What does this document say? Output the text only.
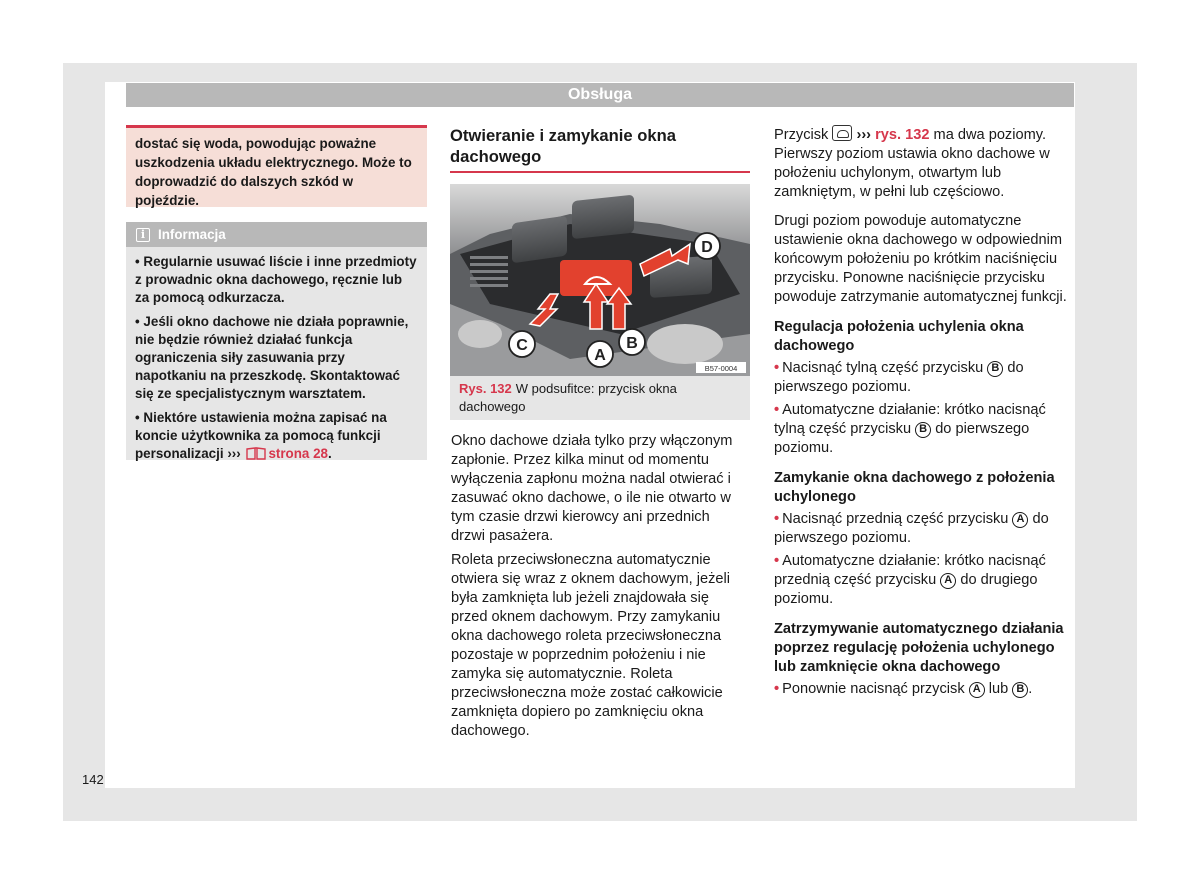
Obsługa
dostać się woda, powodując poważne uszkodzenia układu elektrycznego. Może to doprowadzić do dalszych szkód w pojeździe.
i Informacja

• Regularnie usuwać liście i inne przedmioty z prowadnic okna dachowego, ręcznie lub za pomocą odkurzacza.

• Jeśli okno dachowe nie działa poprawnie, nie będzie również działać funkcja ograniczenia siły zasuwania przy napotkaniu na przeszkodę. Skontaktować się ze specjalistycznym warsztatem.

• Niektóre ustawienia można zapisać na koncie użytkownika za pomocą funkcji personalizacji ››› strona 28.

Otwieranie i zamykanie okna dachowego
A
B
C
D
B57-0004
Rys. 132 W podsufitce: przycisk okna dachowego
Okno dachowe działa tylko przy włączonym zapłonie. Przez kilka minut od momentu wyłączenia zapłonu można nadal otwierać i zasuwać okno dachowe, o ile nie otwarto w tym czasie drzwi kierowcy ani przednich drzwi pasażera.
Roleta przeciwsłoneczna automatycznie otwiera się wraz z oknem dachowym, jeżeli była zamknięta lub jeżeli znajdowała się przed oknem dachowym. Przy zamykaniu okna dachowego roleta przeciwsłoneczna pozostaje w poprzednim położeniu i nie zamyka się automatycznie. Roleta przeciwsłoneczna może zostać całkowicie zamknięta dopiero po zamknięciu okna dachowego.

Przycisk ››› rys. 132 ma dwa poziomy. Pierwszy poziom ustawia okno dachowe w położeniu uchylonym, otwartym lub zamkniętym, w pełni lub częściowo.

Drugi poziom powoduje automatyczne ustawienie okna dachowego w odpowiednim końcowym położeniu po krótkim naciśnięciu przycisku. Ponowne naciśnięcie przycisku powoduje zatrzymanie automatycznej funkcji.

Regulacja położenia uchylenia okna dachowego
• Nacisnąć tylną część przycisku B do pierwszego poziomu.
• Automatyczne działanie: krótko nacisnąć tylną część przycisku B do pierwszego poziomu.
Zamykanie okna dachowego z położenia uchylonego
• Nacisnąć przednią część przycisku A do pierwszego poziomu.
• Automatyczne działanie: krótko nacisnąć przednią część przycisku A do drugiego poziomu.
Zatrzymywanie automatycznego działania poprzez regulację położenia uchylonego lub zamknięcie okna dachowego
• Ponownie nacisnąć przycisk A lub B .
142
